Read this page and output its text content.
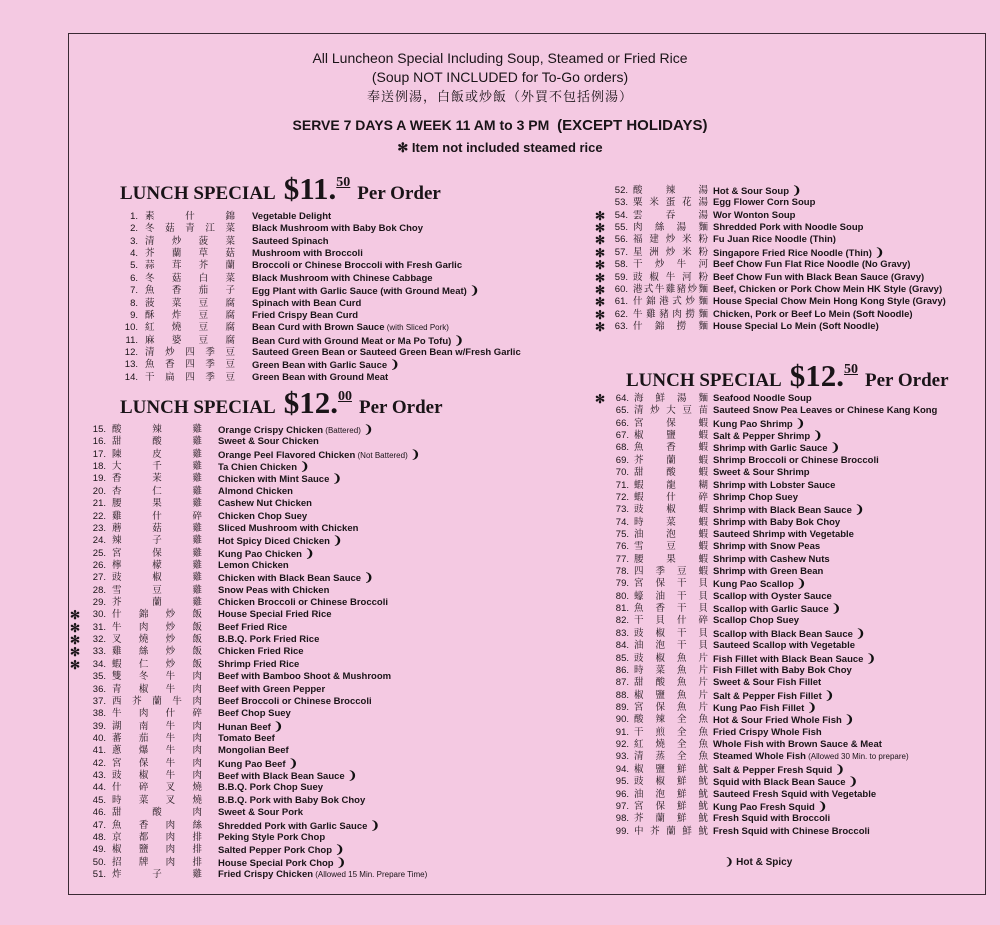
All Luncheon Special Including Soup, Steamed or Fried Rice
(Soup NOT INCLUDED for To-Go orders)
奉送例湯，白飯或炒飯（外買不包括例湯）
SERVE 7 DAYS A WEEK 11 AM to 3 PM (EXCEPT HOLIDAYS)
✻ Item not included steamed rice
LUNCH SPECIAL $11.50 Per Order
1. 素	什	錦 Vegetable Delight
2. 冬 菇 青 江 菜 Black Mushroom with Baby Bok Choy
3. 清 炒 菠 菜 Sauteed Spinach
4. 芥 蘭 草 菇 Mushroom with Broccoli
5. 蒜 茸 芥 蘭 Broccoli or Chinese Broccoli with Fresh Garlic
6. 冬 菇 白 菜 Black Mushroom with Chinese Cabbage
7. 魚 香 茄 子 Egg Plant with Garlic Sauce (with Ground Meat) ❩
8. 菠 菜 豆 腐 Spinach with Bean Curd
9. 酥 炸 豆 腐 Fried Crispy Bean Curd
10. 紅 燒 豆 腐 Bean Curd with Brown Sauce (with Sliced Pork)
11. 麻 婆 豆 腐 Bean Curd with Ground Meat or Ma Po Tofu) ❩
12. 清 炒 四 季 豆 Sauteed Green Bean or Sauteed Green Bean w/Fresh Garlic
13. 魚 香 四 季 豆 Green Bean with Garlic Sauce ❩
14. 干 扁 四 季 豆 Green Bean with Ground Meat
LUNCH SPECIAL $12.00 Per Order
15. 酸	辣	雞 Orange Crispy Chicken (Battered) ❩
16. 甜	酸	雞 Sweet & Sour Chicken
17. 陳	皮	雞 Orange Peel Flavored Chicken (Not Battered) ❩
18. 大	千	雞 Ta Chien Chicken ❩
19. 香	茉	雞 Chicken with Mint Sauce ❩
20. 杏	仁	雞 Almond Chicken
21. 腰	果	雞 Cashew Nut Chicken
22. 雞	什	碎 Chicken Chop Suey
23. 蘑	菇	雞 Sliced Mushroom with Chicken
24. 辣	子	雞 Hot Spicy Diced Chicken ❩
25. 宮	保	雞 Kung Pao Chicken ❩
26. 檸	檬	雞 Lemon Chicken
27. 豉	椒	雞 Chicken with Black Bean Sauce ❩
28. 雪	豆	雞 Snow Peas with Chicken
29. 芥	蘭	雞 Chicken Broccoli or Chinese Broccoli
✻	30. 什 錦 炒 飯 House Special Fried Rice
✻	31. 牛 肉 炒 飯 Beef Fried Rice
✻	32. 叉 燒 炒 飯 B.B.Q. Pork Fried Rice
✻	33. 雞 絲 炒 飯 Chicken Fried Rice
✻	34. 蝦 仁 炒 飯 Shrimp Fried Rice
35. 雙 冬 牛 肉 Beef with Bamboo Shoot & Mushroom
36. 青 椒 牛 肉 Beef with Green Pepper
37. 西 芥 蘭 牛 肉 Beef Broccoli or Chinese Broccoli
38. 牛 肉 什 碎 Beef Chop Suey
39. 湖 南 牛 肉 Hunan Beef ❩
40. 蕃 茄 牛 肉 Tomato Beef
41. 蔥 爆 牛 肉 Mongolian Beef
42. 宮 保 牛 肉 Kung Pao Beef ❩
43. 豉 椒 牛 肉 Beef with Black Bean Sauce ❩
44. 什 碎 叉 燒 B.B.Q. Pork Chop Suey
45. 時 菜 叉 燒 B.B.Q. Pork with Baby Bok Choy
46. 甜	酸	肉 Sweet & Sour Pork
47. 魚 香 肉 絲 Shredded Pork with Garlic Sauce ❩
48. 京 都 肉 排 Peking Style Pork Chop
49. 椒 鹽 肉 排 Salted Pepper Pork Chop ❩
50. 招 牌 肉 排 House Special Pork Chop ❩
51. 炸	子	雞 Fried Crispy Chicken (Allowed 15 Min. Prepare Time)
52. 酸 辣 湯 Hot & Sour Soup ❩
53. 粟 米 蛋 花 湯 Egg Flower Corn Soup
✻	54. 雲 吞 湯 Wor Wonton Soup
✻	55. 肉 絲 湯 麵 Shredded Pork with Noodle Soup
✻	56. 福 建 炒 米 粉 Fu Juan Rice Noodle (Thin)
✻	57. 星 洲 炒 米 粉 Singapore Fried Rice Noodle (Thin) ❩
✻	58. 干 炒 牛 河 Beef Chow Fun Flat Rice Noodle (No Gravy)
✻	59. 豉 椒 牛 河 粉 Beef Chow Fun with Black Bean Sauce (Gravy)
✻	60. 港 式 牛 雞 豬 炒 麵 Beef, Chicken or Pork Chow Mein HK Style (Gravy)
✻	61. 什 錦 港 式 炒 麵 House Special Chow Mein Hong Kong Style (Gravy)
✻	62. 牛 雞 豬 肉 撈 麵 Chicken, Pork or Beef Lo Mein (Soft Noodle)
✻	63. 什 錦 撈 麵 House Special Lo Mein (Soft Noodle)
LUNCH SPECIAL $12.50 Per Order
✻	64. 海 鮮 湯 麵 Seafood Noodle Soup
65. 清 炒 大 豆 苗 Sauteed Snow Pea Leaves or Chinese Kang Kong
66. 宮 保 蝦 Kung Pao Shrimp ❩
67. 椒 鹽 蝦 Salt & Pepper Shrimp ❩
68. 魚 香 蝦 Shrimp with Garlic Sauce ❩
69. 芥 蘭 蝦 Shrimp Broccoli or Chinese Broccoli
70. 甜 酸 蝦 Sweet & Sour Shrimp
71. 蝦 龍 糊 Shrimp with Lobster Sauce
72. 蝦 什 碎 Shrimp Chop Suey
73. 豉 椒 蝦 Shrimp with Black Bean Sauce ❩
74. 時 菜 蝦 Shrimp with Baby Bok Choy
75. 油 泡 蝦 Sauteed Shrimp with Vegetable
76. 雪 豆 蝦 Shrimp with Snow Peas
77. 腰 果 蝦 Shrimp with Cashew Nuts
78. 四 季 豆 蝦 Shrimp with Green Bean
79. 宮 保 干 貝 Kung Pao Scallop ❩
80. 蠔 油 干 貝 Scallop with Oyster Sauce
81. 魚 香 干 貝 Scallop with Garlic Sauce ❩
82. 干 貝 什 碎 Scallop Chop Suey
83. 豉 椒 干 貝 Scallop with Black Bean Sauce ❩
84. 油 泡 干 貝 Sauteed Scallop with Vegetable
85. 豉 椒 魚 片 Fish Fillet with Black Bean Sauce ❩
86. 時 菜 魚 片 Fish Fillet with Baby Bok Choy
87. 甜 酸 魚 片 Sweet & Sour Fish Fillet
88. 椒 鹽 魚 片 Salt & Pepper Fish Fillet ❩
89. 宮 保 魚 片 Kung Pao Fish Fillet ❩
90. 酸 辣 全 魚 Hot & Sour Fried Whole Fish ❩
91. 干 煎 全 魚 Fried Crispy Whole Fish
92. 紅 燒 全 魚 Whole Fish with Brown Sauce & Meat
93. 清 蒸 全 魚 Steamed Whole Fish (Allowed 30 Min. to prepare)
94. 椒 鹽 鮮 魷 Salt & Pepper Fresh Squid ❩
95. 豉 椒 鮮 魷 Squid with Black Bean Sauce ❩
96. 油 泡 鮮 魷 Sauteed Fresh Squid with Vegetable
97. 宮 保 鮮 魷 Kung Pao Fresh Squid ❩
98. 芥 蘭 鮮 魷 Fresh Squid with Broccoli
99. 中 芥 蘭 鮮 魷 Fresh Squid with Chinese Broccoli
❩ Hot & Spicy
